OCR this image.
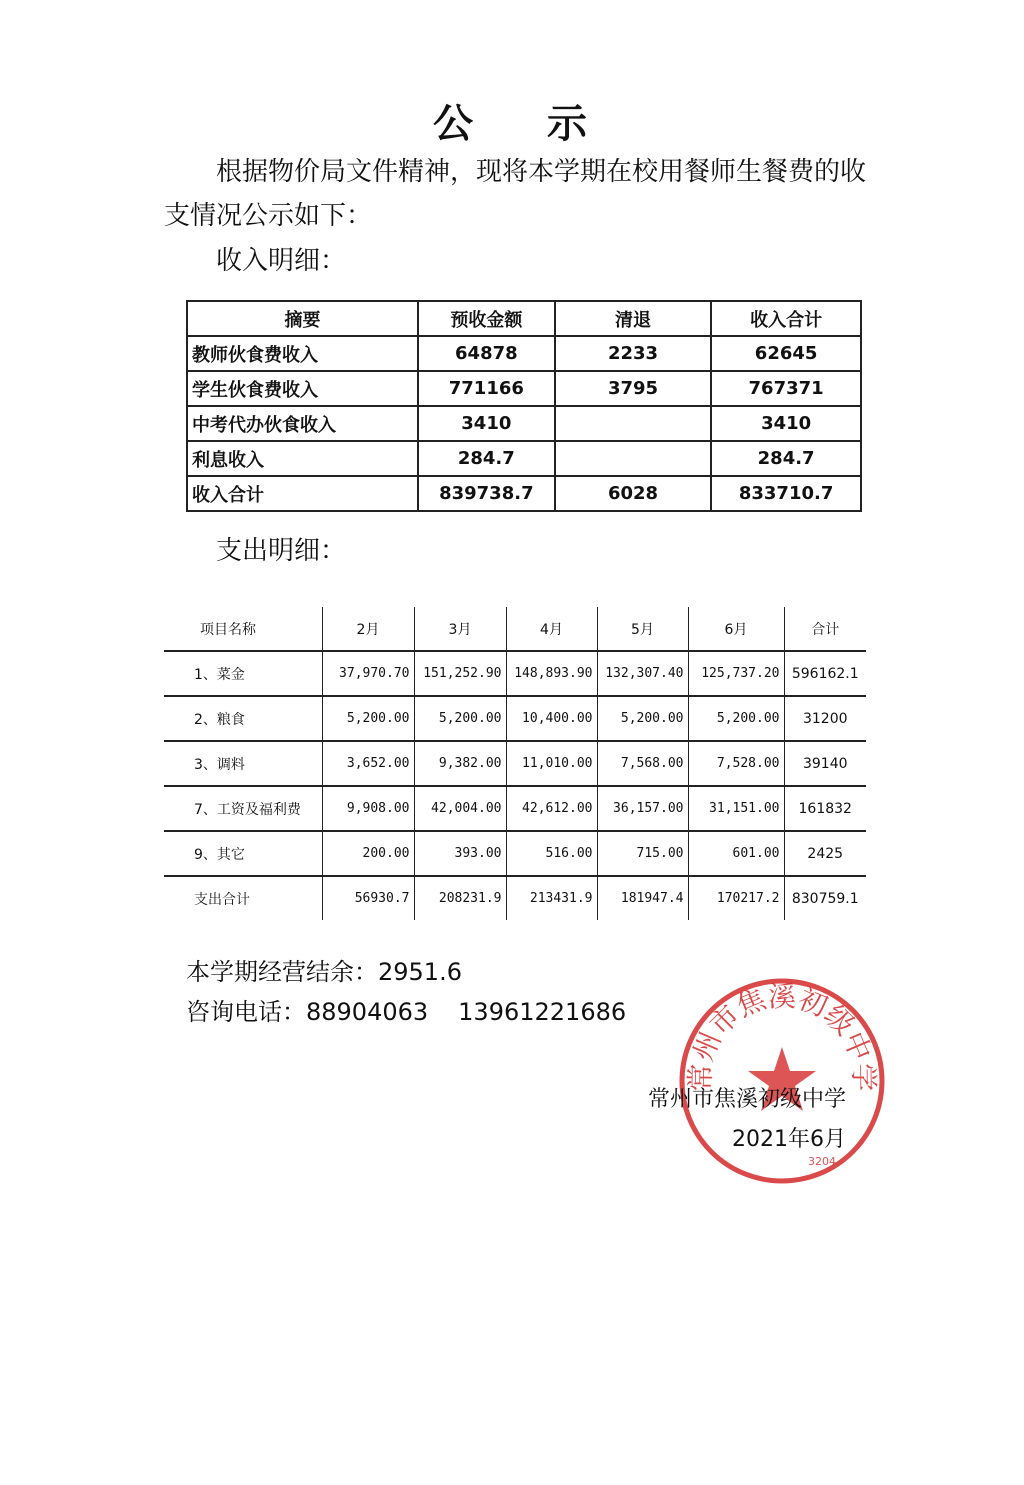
公 示
根据物价局文件精神，现将本学期在校用餐师生餐费的收支情况公示如下：
收入明细：
摘要	预收金额	清退	收入合计
教师伙食费收入	64878	2233	62645
学生伙食费收入	771166	3795	767371
中考代办伙食收入	3410		3410
利息收入	284.7		284.7
收入合计	839738.7	6028	833710.7
支出明细：
项目名称	2月	3月	4月	5月	6月	合计
1、菜金	37,970.70	151,252.90	148,893.90	132,307.40	125,737.20	596162.1
2、粮食	5,200.00	5,200.00	10,400.00	5,200.00	5,200.00	31200
3、调料	3,652.00	9,382.00	11,010.00	7,568.00	7,528.00	39140
7、工资及福利费	9,908.00	42,004.00	42,612.00	36,157.00	31,151.00	161832
9、其它	200.00	393.00	516.00	715.00	601.00	2425
支出合计	56930.7	208231.9	213431.9	181947.4	170217.2	830759.1
本学期经营结余：2951.6
咨询电话：88904063 13961221686
常州市焦溪初级中学
3204
常州市焦溪初级中学
2021年6月
